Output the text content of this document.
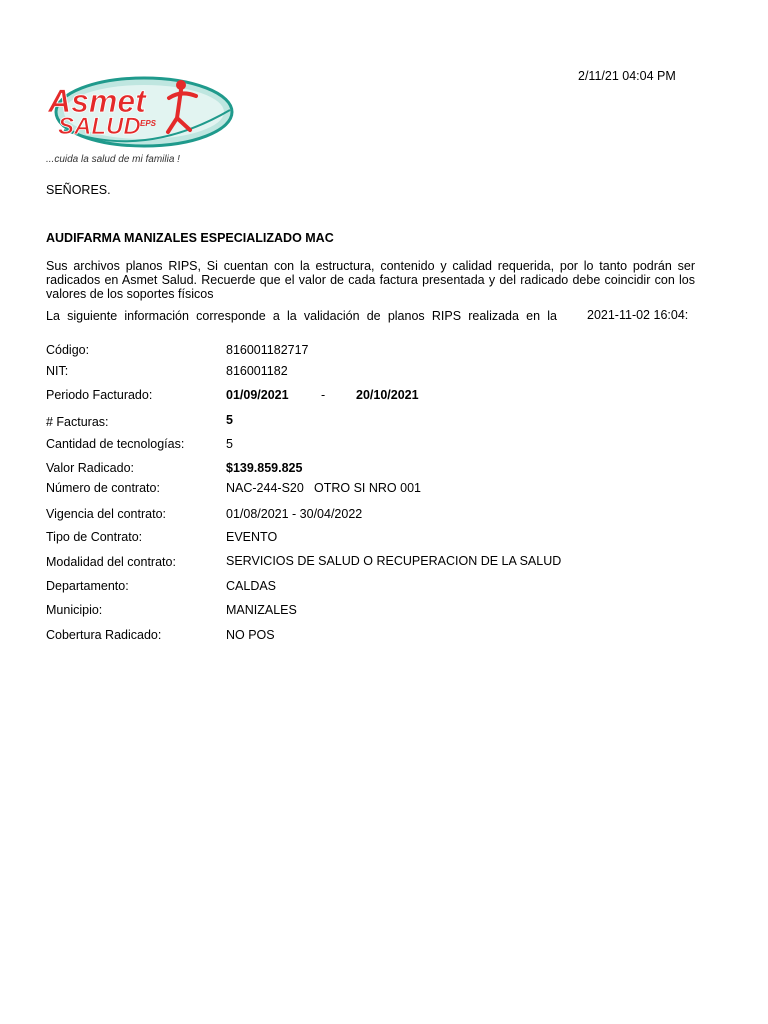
2/11/21 04:04 PM
Asmet
SALUD EPS
...cuida la salud de mi familia !
SEÑORES.
AUDIFARMA MANIZALES ESPECIALIZADO MAC
Sus archivos planos RIPS, Si cuentan con la estructura, contenido y calidad requerida, por lo tanto podrán ser radicados en Asmet Salud. Recuerde que el valor de cada factura presentada y del radicado debe coincidir con los valores de los soportes físicos
La siguiente información corresponde a la validación de planos RIPS realizada en la 2021-11-02 16:04:
Código:	816001182717
NIT:	816001182
Periodo Facturado:	01/09/2021	- 20/10/2021
# Facturas:	5
Cantidad de tecnologías:	5
Valor Radicado:	$139.859.825
Número de contrato:	NAC-244-S20 OTRO SI NRO 001
Vigencia del contrato:	01/08/2021 - 30/04/2022
Tipo de Contrato:	EVENTO
Modalidad del contrato:	SERVICIOS DE SALUD O RECUPERACION DE LA SALUD
Departamento:	CALDAS
Municipio:	MANIZALES
Cobertura Radicado:	NO POS
